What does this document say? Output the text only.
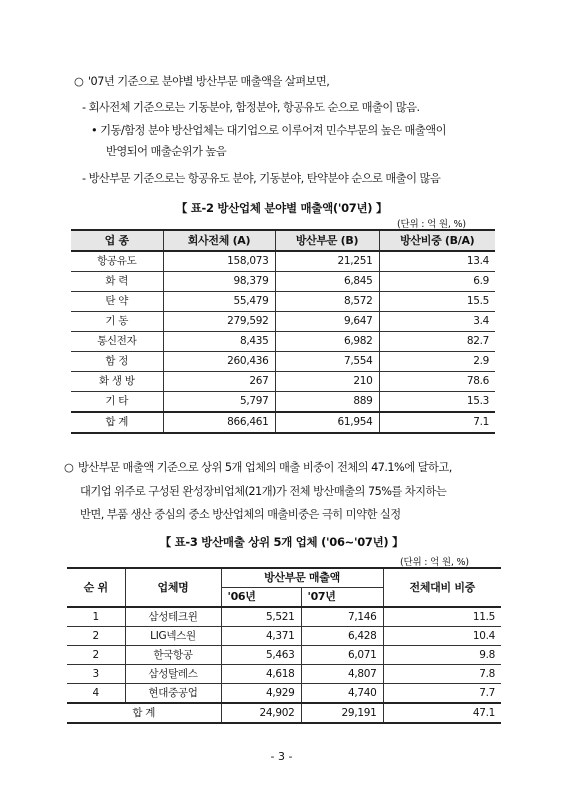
○ '07년 기준으로 분야별 방산부문 매출액을 살펴보면,
- 회사전체 기준으로는 기동분야, 함정분야, 항공유도 순으로 매출이 많음.
• 기동/함정 분야 방산업체는 대기업으로 이루어져 민수부문의 높은 매출액이
반영되어 매출순위가 높음
- 방산부문 기준으로는 항공유도 분야, 기동분야, 탄약분야 순으로 매출이 많음
【 표-2 방산업체 분야별 매출액('07년) 】
(단위 : 억 원, %)
업 종	회사전체 (A)	방산부문 (B)	방산비중 (B/A)
항공유도	158,073	21,251	13.4
화 력	98,379	6,845	6.9
탄 약	55,479	8,572	15.5
기 동	279,592	9,647	3.4
통신전자	8,435	6,982	82.7
함 정	260,436	7,554	2.9
화 생 방	267	210	78.6
기 타	5,797	889	15.3
합 계	866,461	61,954	7.1
○ 방산부문 매출액 기준으로 상위 5개 업체의 매출 비중이 전체의 47.1%에 달하고,
대기업 위주로 구성된 완성장비업체(21개)가 전체 방산매출의 75%를 차지하는
반면, 부품 생산 중심의 중소 방산업체의 매출비중은 극히 미약한 실정
【 표-3 방산매출 상위 5개 업체 ('06~'07년) 】
(단위 : 억 원, %)
순 위	업체명	방산부문 매출액		전체대비 비중
		'06년	'07년	
1	삼성테크윈	5,521	7,146	11.5
2	LIG넥스원	4,371	6,428	10.4
2	한국항공	5,463	6,071	9.8
3	삼성탈레스	4,618	4,807	7.8
4	현대중공업	4,929	4,740	7.7
합 계		24,902	29,191	47.1
- 3 -
